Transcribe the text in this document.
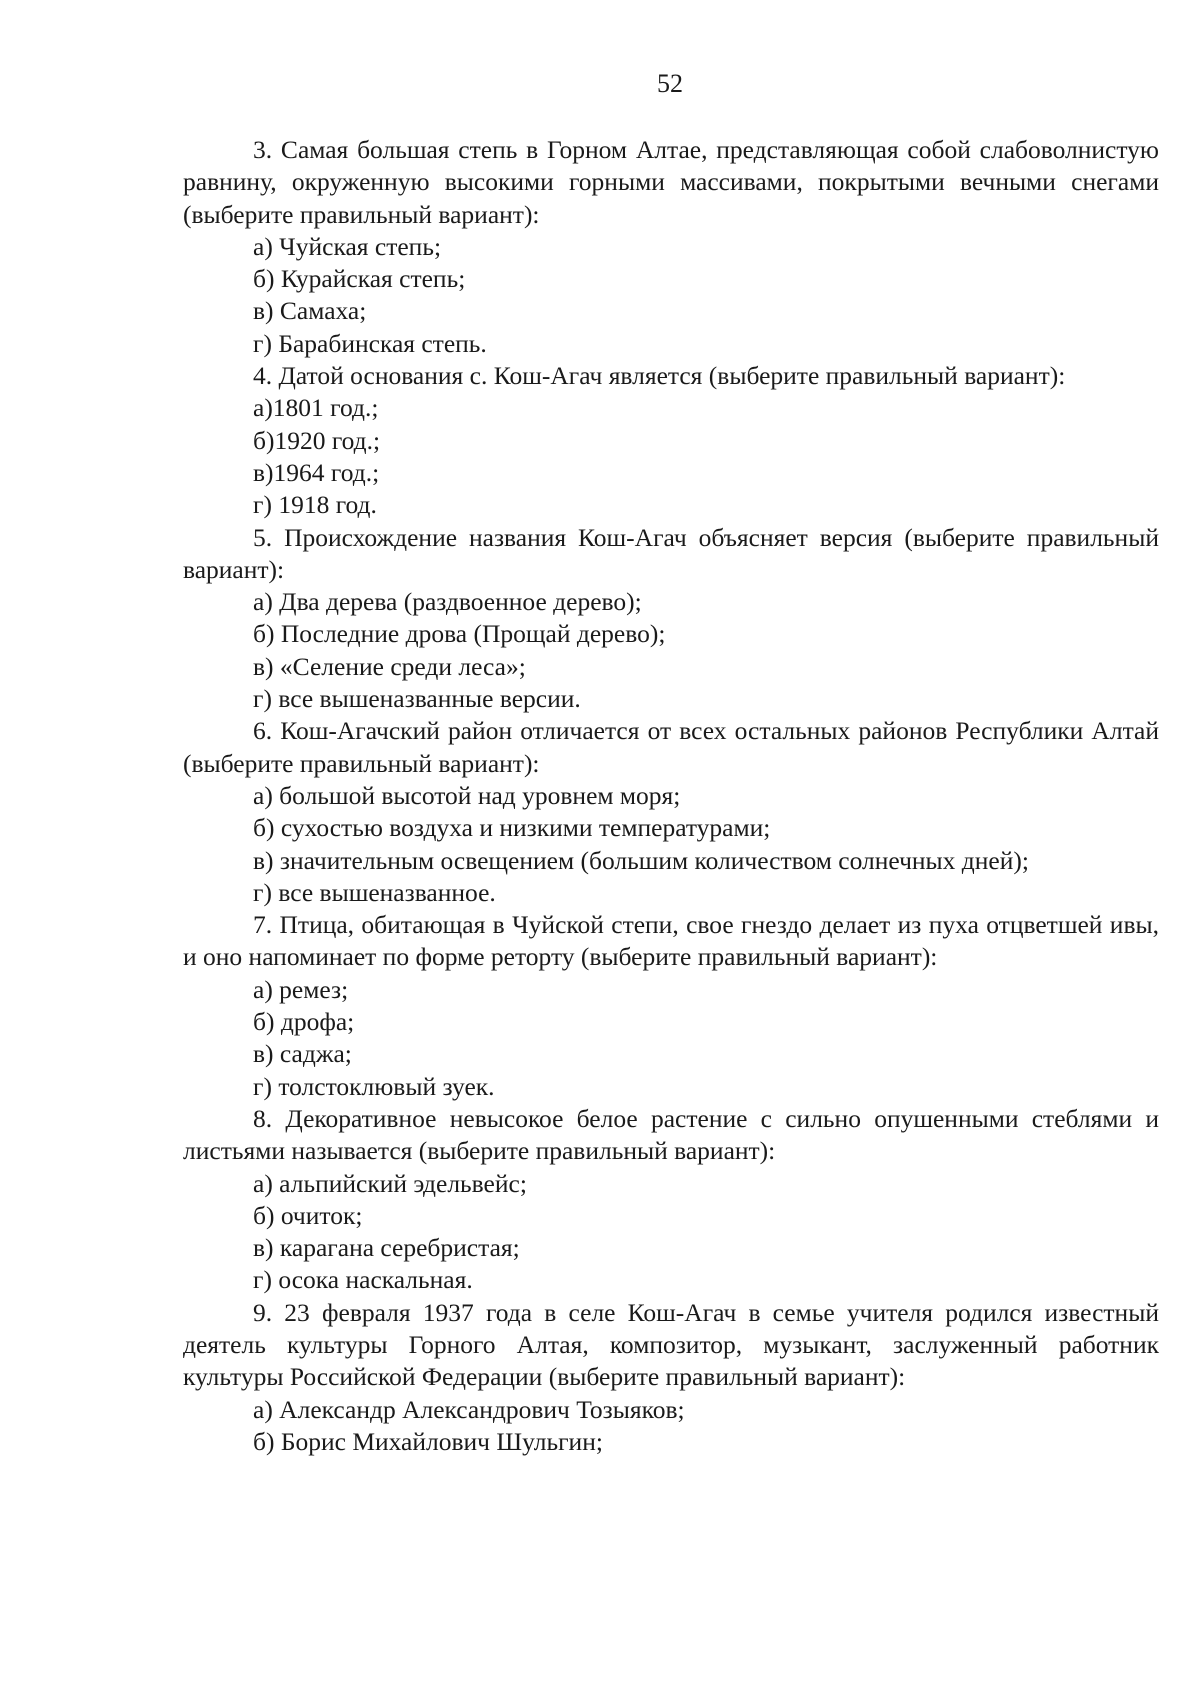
52

3. Самая большая степь в Горном Алтае, представляющая собой слабоволнистую равнину, окруженную высокими горными массивами, покрытыми вечными снегами (выберите правильный вариант):

а) Чуйская степь;

б) Курайская степь;

в) Самаха;

г) Барабинская степь.

4. Датой основания с. Кош-Агач является (выберите правильный вариант):

а)1801 год.;

б)1920 год.;

в)1964 год.;

г) 1918 год.

5. Происхождение названия Кош-Агач объясняет версия (выберите правильный вариант):

а) Два дерева (раздвоенное дерево);

б) Последние дрова (Прощай дерево);

в) «Селение среди леса»;

г) все вышеназванные версии.

6. Кош-Агачский район отличается от всех остальных районов Республики Алтай (выберите правильный вариант):

а) большой высотой над уровнем моря;

б) сухостью воздуха и низкими температурами;

в) значительным освещением (большим количеством солнечных дней);

г) все вышеназванное.

7. Птица, обитающая в Чуйской степи, свое гнездо делает из пуха отцветшей ивы, и оно напоминает по форме реторту (выберите правильный вариант):

а) ремез;

б) дрофа;

в) саджа;

г) толстоклювый зуек.

8. Декоративное невысокое белое растение с сильно опушенными стеблями и листьями называется (выберите правильный вариант):

а) альпийский эдельвейс;

б) очиток;

в) карагана серебристая;

г) осока наскальная.

9. 23 февраля 1937 года в селе Кош-Агач в семье учителя родился известный деятель культуры Горного Алтая, композитор, музыкант, заслуженный работник культуры Российской Федерации (выберите правильный вариант):

а) Александр Александрович Тозыяков;

б) Борис Михайлович Шульгин;
